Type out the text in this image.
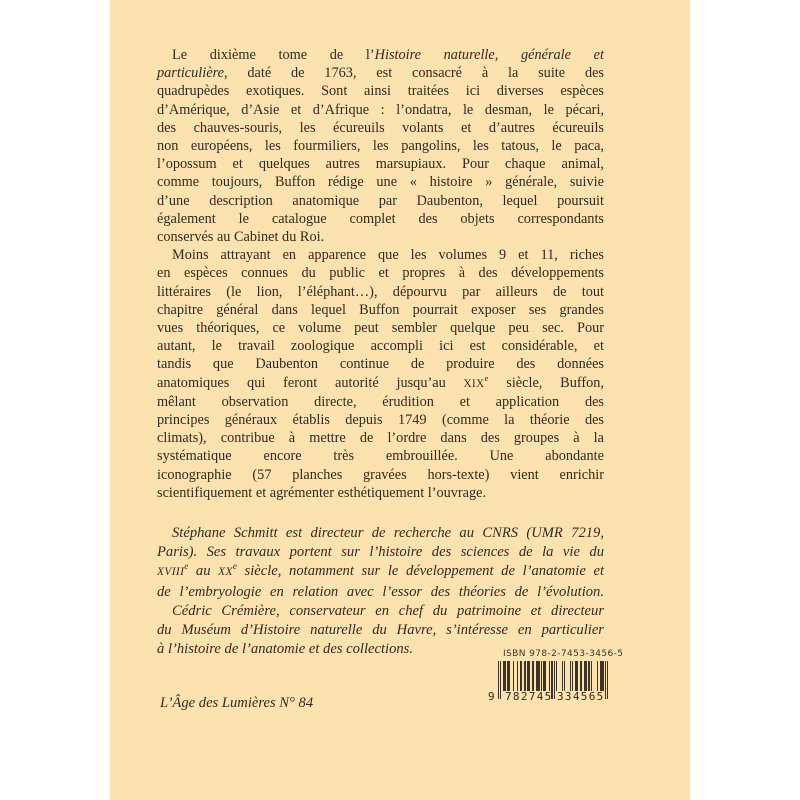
Le dixième tome de l’Histoire naturelle, générale et
particulière, daté de 1763, est consacré à la suite des
quadrupèdes exotiques. Sont ainsi traitées ici diverses espèces
d’Amérique, d’Asie et d’Afrique : l’ondatra, le desman, le pécari,
des chauves-souris, les écureuils volants et d’autres écureuils
non européens, les fourmiliers, les pangolins, les tatous, le paca,
l’opossum et quelques autres marsupiaux. Pour chaque animal,
comme toujours, Buffon rédige une « histoire » générale, suivie
d’une description anatomique par Daubenton, lequel poursuit
également le catalogue complet des objets correspondants
conservés au Cabinet du Roi.
Moins attrayant en apparence que les volumes 9 et 11, riches
en espèces connues du public et propres à des développements
littéraires (le lion, l’éléphant…), dépourvu par ailleurs de tout
chapitre général dans lequel Buffon pourrait exposer ses grandes
vues théoriques, ce volume peut sembler quelque peu sec. Pour
autant, le travail zoologique accompli ici est considérable, et
tandis que Daubenton continue de produire des données
anatomiques qui feront autorité jusqu’au XIXe siècle, Buffon,
mêlant observation directe, érudition et application des
principes généraux établis depuis 1749 (comme la théorie des
climats), contribue à mettre de l’ordre dans des groupes à la
systématique encore très embrouillée. Une abondante
iconographie (57 planches gravées hors-texte) vient enrichir
scientifiquement et agrémenter esthétiquement l’ouvrage.
Stéphane Schmitt est directeur de recherche au CNRS (UMR 7219,
Paris). Ses travaux portent sur l’histoire des sciences de la vie du
XVIIIe au XXe siècle, notamment sur le développement de l’anatomie et
de l’embryologie en relation avec l’essor des théories de l’évolution.
Cédric Crémière, conservateur en chef du patrimoine et directeur
du Muséum d’Histoire naturelle du Havre, s’intéresse en particulier
à l’histoire de l’anatomie et des collections.	ISBN 978-2-7453-3456-5
9 782745 334565
L’Âge des Lumières N° 84
